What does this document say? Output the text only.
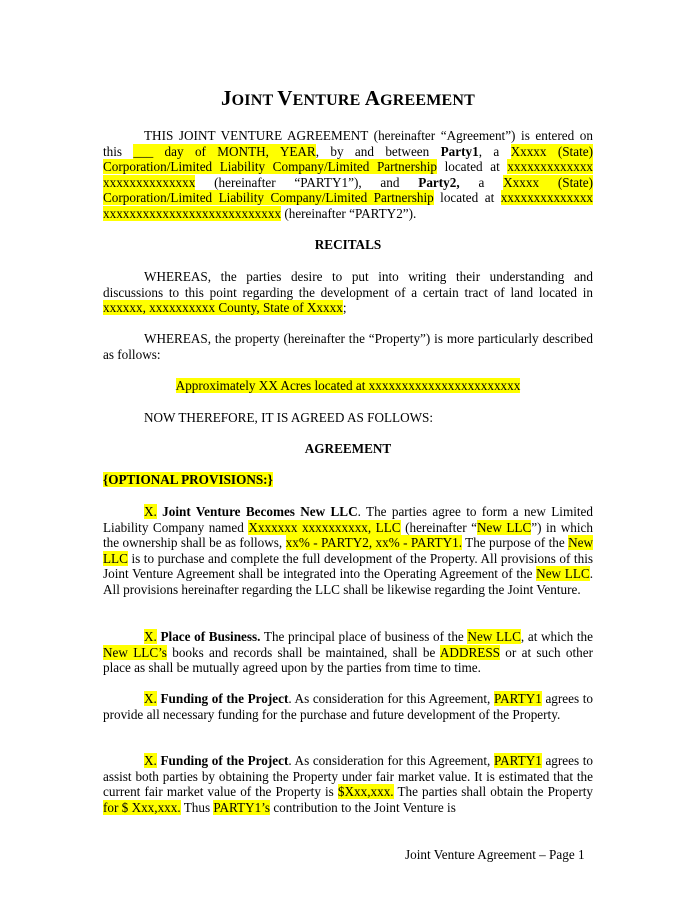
JOINT VENTURE AGREEMENT
THIS JOINT VENTURE AGREEMENT (hereinafter “Agreement”) is entered on this ___ day of MONTH, YEAR, by and between Party1, a Xxxxx (State) Corporation/Limited Liability Company/Limited Partnership located at xxxxxxxxxxxxx xxxxxxxxxxxxxx (hereinafter “PARTY1”), and Party2, a Xxxxx (State) Corporation/Limited Liability Company/Limited Partnership located at xxxxxxxxxxxxxx xxxxxxxxxxxxxxxxxxxxxxxxxxx (hereinafter “PARTY2”).
RECITALS
WHEREAS, the parties desire to put into writing their understanding and discussions to this point regarding the development of a certain tract of land located in xxxxxx, xxxxxxxxxx County, State of Xxxxx;
WHEREAS, the property (hereinafter the “Property”) is more particularly described as follows:
Approximately XX Acres located at xxxxxxxxxxxxxxxxxxxxxxx
NOW THEREFORE, IT IS AGREED AS FOLLOWS:
AGREEMENT
{OPTIONAL PROVISIONS:}
X. Joint Venture Becomes New LLC. The parties agree to form a new Limited Liability Company named Xxxxxxx xxxxxxxxxx, LLC (hereinafter “New LLC”) in which the ownership shall be as follows, xx% - PARTY2, xx% - PARTY1. The purpose of the New LLC is to purchase and complete the full development of the Property. All provisions of this Joint Venture Agreement shall be integrated into the Operating Agreement of the New LLC. All provisions hereinafter regarding the LLC shall be likewise regarding the Joint Venture.
X. Place of Business. The principal place of business of the New LLC, at which the New LLC’s books and records shall be maintained, shall be ADDRESS or at such other place as shall be mutually agreed upon by the parties from time to time.
X. Funding of the Project. As consideration for this Agreement, PARTY1 agrees to provide all necessary funding for the purchase and future development of the Property.
X. Funding of the Project. As consideration for this Agreement, PARTY1 agrees to assist both parties by obtaining the Property under fair market value. It is estimated that the current fair market value of the Property is $Xxx,xxx. The parties shall obtain the Property for $ Xxx,xxx. Thus PARTY1’s contribution to the Joint Venture is
Joint Venture Agreement – Page 1
